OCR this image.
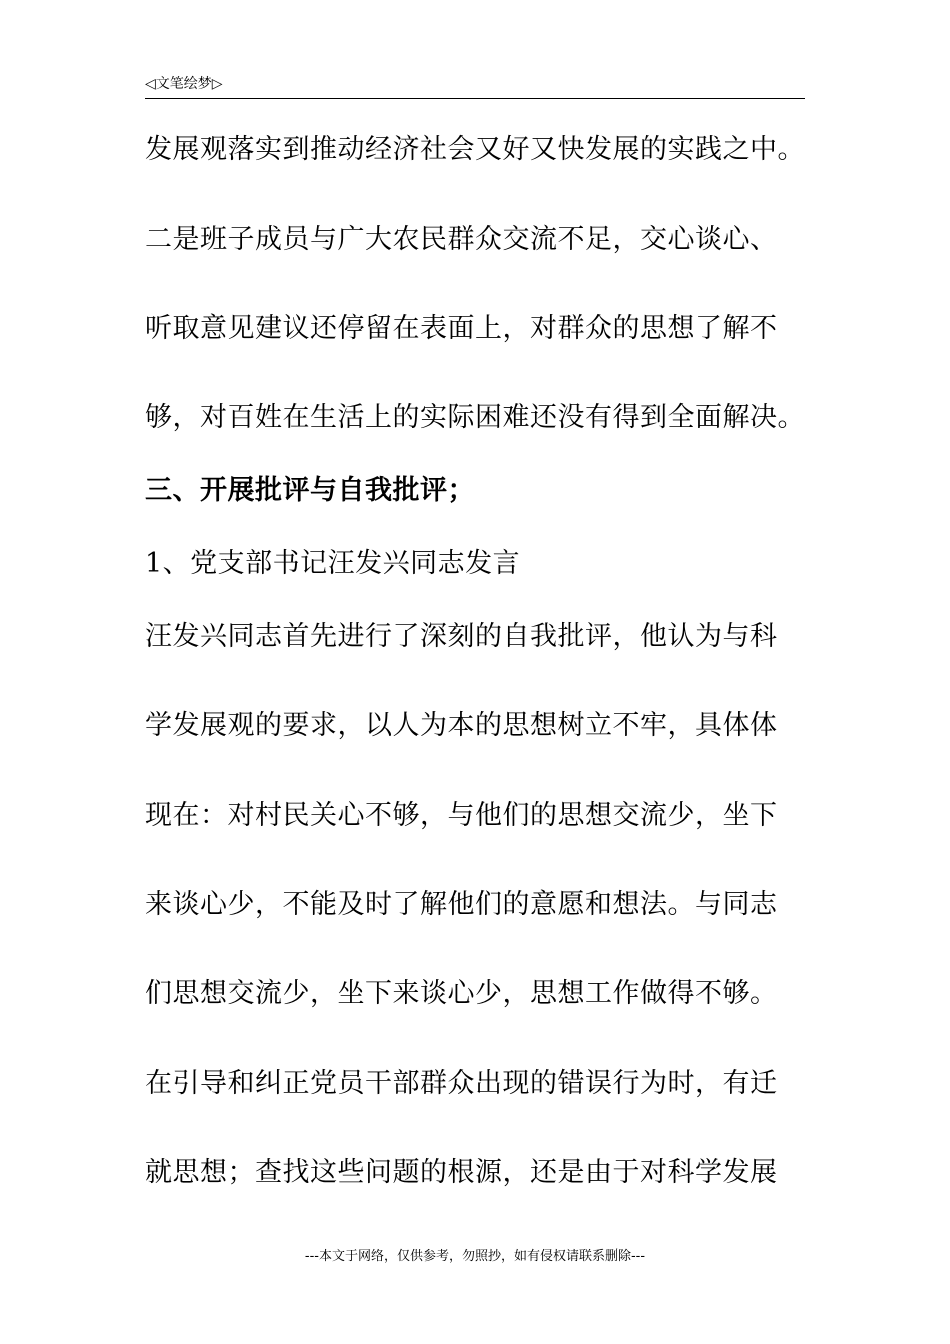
◁文笔绘梦▷
发展观落实到推动经济社会又好又快发展的实践之中。
二是班子成员与广大农民群众交流不足，交心谈心、
听取意见建议还停留在表面上，对群众的思想了解不
够，对百姓在生活上的实际困难还没有得到全面解决。
三、开展批评与自我批评；
1、党支部书记汪发兴同志发言
汪发兴同志首先进行了深刻的自我批评，他认为与科
学发展观的要求，以人为本的思想树立不牢，具体体
现在：对村民关心不够，与他们的思想交流少，坐下
来谈心少，不能及时了解他们的意愿和想法。与同志
们思想交流少，坐下来谈心少，思想工作做得不够。
在引导和纠正党员干部群众出现的错误行为时，有迁
就思想；查找这些问题的根源，还是由于对科学发展
---本文于网络，仅供参考，勿照抄，如有侵权请联系删除---
